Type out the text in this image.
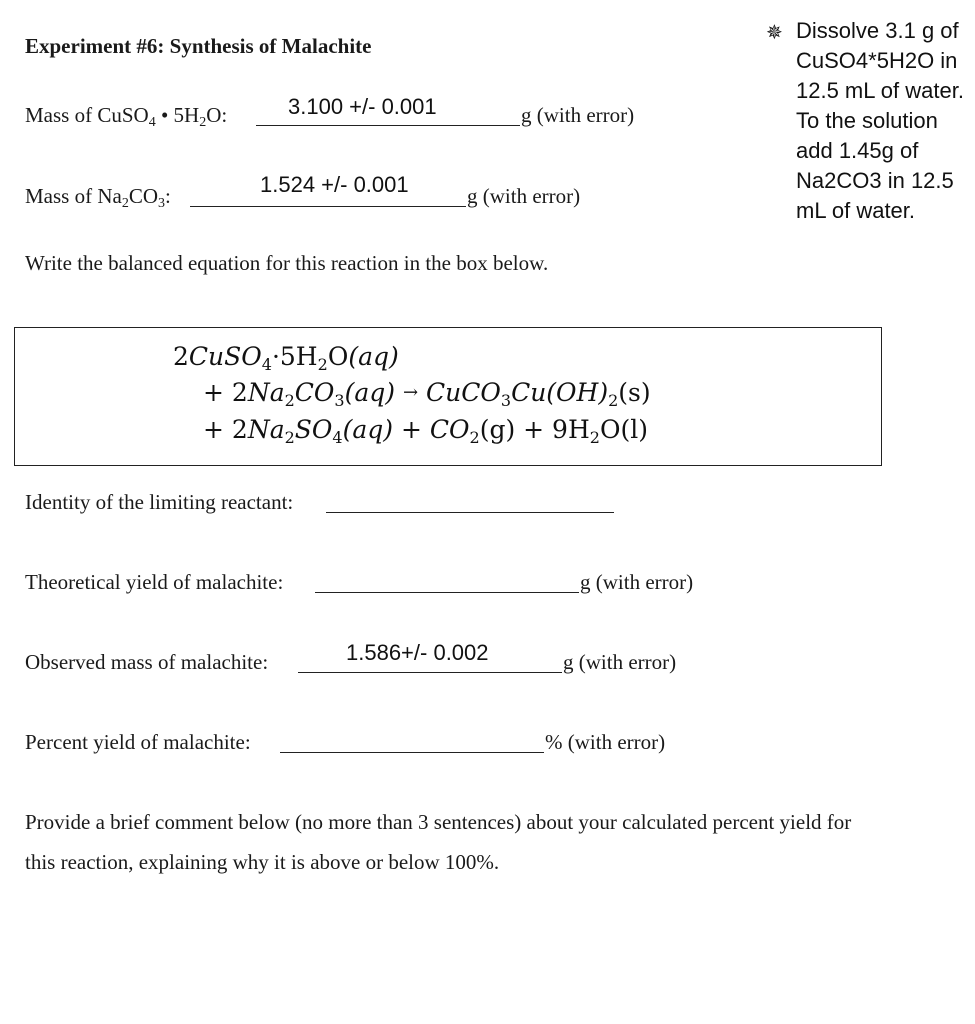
Experiment #6: Synthesis of Malachite
Mass of CuSO$_4$ • $5H_2O$:	3.100 +/- 0.001	g (with error)
Mass of $Na_2CO_3$:	1.524 +/- 0.001	g (with error)
Write the balanced equation for this reaction in the box below.
$2CuSO_4\cdot 5H_2O(aq)$
+ $2Na_2CO_3(aq)$ → $CuCO_3Cu(OH)_2(s)$
+ $2Na_2SO_4(aq) + CO_2(g) + 9H_2O(l)$
Identity of the limiting reactant:
Theoretical yield of malachite:	g (with error)
Observed mass of malachite:	1.586+/- 0.002	g (with error)
Percent yield of malachite:	% (with error)
Provide a brief comment below (no more than 3 sentences) about your calculated percent yield for
this reaction, explaining why it is above or below 100%.
✵ Dissolve 3.1 g of CuSO4*5H2O in 12.5 mL of water. To the solution add 1.45g of Na2CO3 in 12.5 mL of water.
